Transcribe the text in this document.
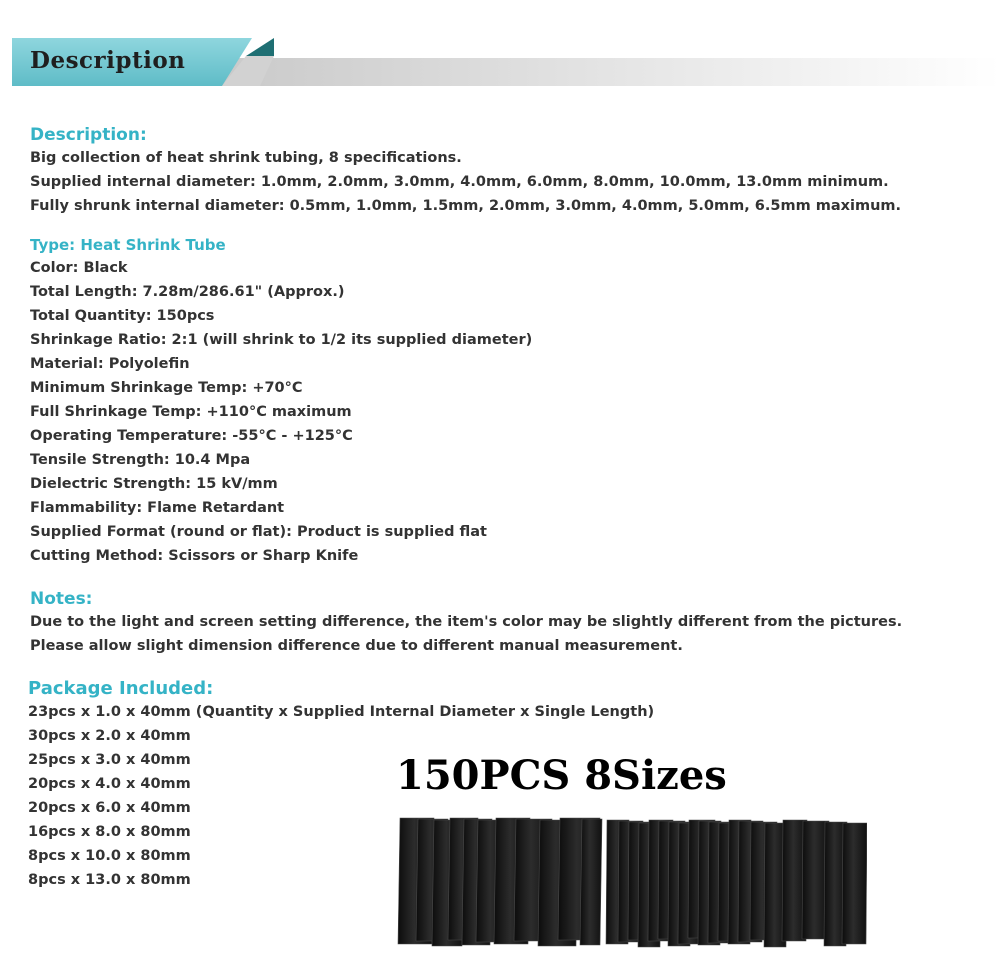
Description

Description:

Big collection of heat shrink tubing, 8 specifications.

Supplied internal diameter: 1.0mm, 2.0mm, 3.0mm, 4.0mm, 6.0mm, 8.0mm, 10.0mm, 13.0mm minimum.

Fully shrunk internal diameter: 0.5mm, 1.0mm, 1.5mm, 2.0mm, 3.0mm, 4.0mm, 5.0mm, 6.5mm maximum.

Type: Heat Shrink Tube

Color: Black

Total Length: 7.28m/286.61" (Approx.)

Total Quantity: 150pcs

Shrinkage Ratio: 2:1 (will shrink to 1/2 its supplied diameter)

Material: Polyolefin

Minimum Shrinkage Temp: +70°C

Full Shrinkage Temp: +110°C maximum

Operating Temperature: -55°C - +125°C

Tensile Strength: 10.4 Mpa

Dielectric Strength: 15 kV/mm

Flammability: Flame Retardant

Supplied Format (round or flat): Product is supplied flat

Cutting Method: Scissors or Sharp Knife

Notes:

Due to the light and screen setting difference, the item's color may be slightly different from the pictures.

Please allow slight dimension difference due to different manual measurement.

Package Included:

23pcs x 1.0 x 40mm (Quantity x Supplied Internal Diameter x Single Length)

30pcs x 2.0 x 40mm

25pcs x 3.0 x 40mm

20pcs x 4.0 x 40mm

20pcs x 6.0 x 40mm

16pcs x 8.0 x 80mm

8pcs x 10.0 x 80mm

8pcs x 13.0 x 80mm

150PCS 8Sizes
